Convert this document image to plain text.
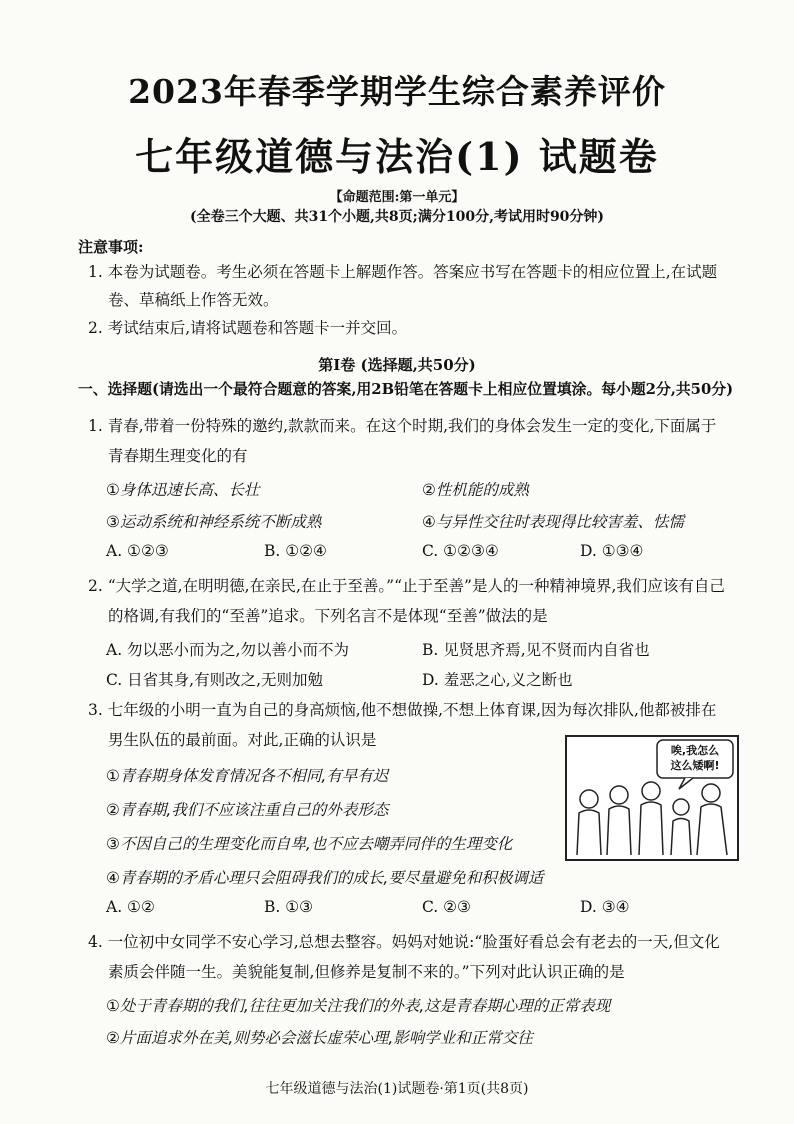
2023年春季学期学生综合素养评价
七年级道德与法治(1) 试题卷
【命题范围:第一单元】
(全卷三个大题、共31个小题,共8页;满分100分,考试用时90分钟)
注意事项:
1. 本卷为试题卷。考生必须在答题卡上解题作答。答案应书写在答题卡的相应位置上,在试题
卷、草稿纸上作答无效。
2. 考试结束后,请将试题卷和答题卡一并交回。
第Ⅰ卷 (选择题,共50分)
一、选择题(请选出一个最符合题意的答案,用2B铅笔在答题卡上相应位置填涂。每小题2分,共50分)
1. 青春,带着一份特殊的邀约,款款而来。在这个时期,我们的身体会发生一定的变化,下面属于
青春期生理变化的有
①身体迅速长高、长壮	②性机能的成熟
③运动系统和神经系统不断成熟	④与异性交往时表现得比较害羞、怯懦
A. ①②③	B. ①②④	C. ①②③④	D. ①③④
2. “大学之道,在明明德,在亲民,在止于至善。”“止于至善”是人的一种精神境界,我们应该有自己
的格调,有我们的“至善”追求。下列名言不是体现“至善”做法的是
A. 勿以恶小而为之,勿以善小而不为	B. 见贤思齐焉,见不贤而内自省也
C. 日省其身,有则改之,无则加勉	D. 羞恶之心,义之断也
3. 七年级的小明一直为自己的身高烦恼,他不想做操,不想上体育课,因为每次排队,他都被排在
男生队伍的最前面。对此,正确的认识是
①青春期身体发育情况各不相同,有早有迟
②青春期,我们不应该注重自己的外表形态
③不因自己的生理变化而自卑,也不应去嘲弄同伴的生理变化
④青春期的矛盾心理只会阻碍我们的成长,要尽量避免和积极调适
A. ①②	B. ①③	C. ②③	D. ③④
唉,我怎么
这么矮啊!
4. 一位初中女同学不安心学习,总想去整容。妈妈对她说:“脸蛋好看总会有老去的一天,但文化
素质会伴随一生。美貌能复制,但修养是复制不来的。”下列对此认识正确的是
①处于青春期的我们,往往更加关注我们的外表,这是青春期心理的正常表现
②片面追求外在美,则势必会滋长虚荣心理,影响学业和正常交往
七年级道德与法治(1)试题卷·第1页(共8页)
